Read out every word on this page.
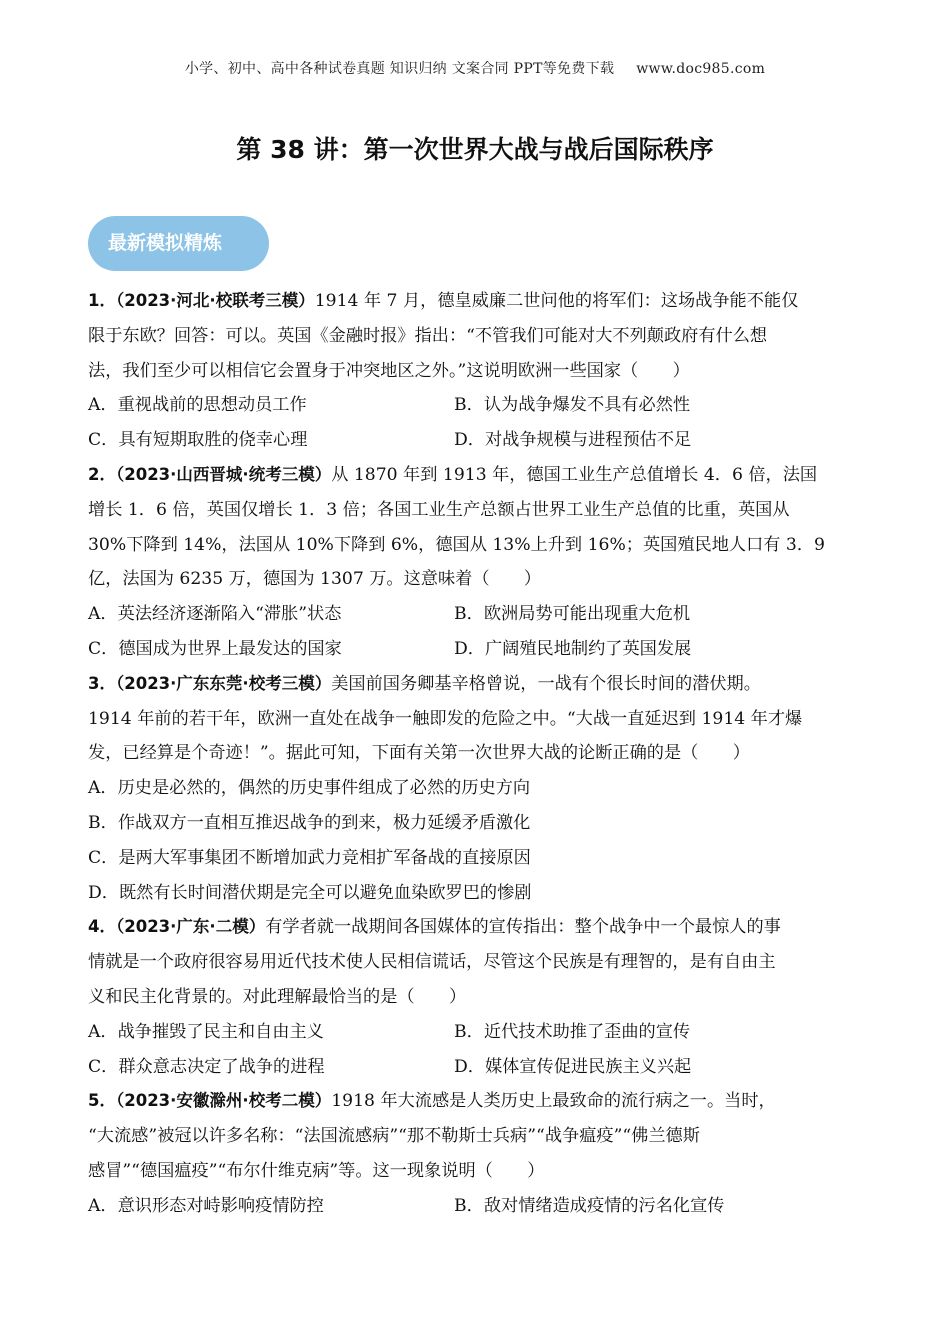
小学、初中、高中各种试卷真题 知识归纳 文案合同 PPT等免费下载 www.doc985.com
第 38 讲：第一次世界大战与战后国际秩序
最新模拟精炼
1．（2023·河北·校联考三模）1914 年 7 月，德皇威廉二世问他的将军们：这场战争能不能仅
限于东欧？回答：可以。英国《金融时报》指出：“不管我们可能对大不列颠政府有什么想
法，我们至少可以相信它会置身于冲突地区之外。”这说明欧洲一些国家（　　）
A．重视战前的思想动员工作	B．认为战争爆发不具有必然性
C．具有短期取胜的侥幸心理	D．对战争规模与进程预估不足
2．（2023·山西晋城·统考三模）从 1870 年到 1913 年，德国工业生产总值增长 4．6 倍，法国
增长 1．6 倍，英国仅增长 1．3 倍；各国工业生产总额占世界工业生产总值的比重，英国从
30%下降到 14%，法国从 10%下降到 6%，德国从 13%上升到 16%；英国殖民地人口有 3．9
亿，法国为 6235 万，德国为 1307 万。这意味着（　　）
A．英法经济逐渐陷入“滞胀”状态	B．欧洲局势可能出现重大危机
C．德国成为世界上最发达的国家	D．广阔殖民地制约了英国发展
3．（2023·广东东莞·校考三模）美国前国务卿基辛格曾说，一战有个很长时间的潜伏期。
1914 年前的若干年，欧洲一直处在战争一触即发的危险之中。“大战一直延迟到 1914 年才爆
发，已经算是个奇迹！”。据此可知，下面有关第一次世界大战的论断正确的是（　　）
A．历史是必然的，偶然的历史事件组成了必然的历史方向
B．作战双方一直相互推迟战争的到来，极力延缓矛盾激化
C．是两大军事集团不断增加武力竞相扩军备战的直接原因
D．既然有长时间潜伏期是完全可以避免血染欧罗巴的惨剧
4．（2023·广东·二模）有学者就一战期间各国媒体的宣传指出：整个战争中一个最惊人的事
情就是一个政府很容易用近代技术使人民相信谎话，尽管这个民族是有理智的，是有自由主
义和民主化背景的。对此理解最恰当的是（　　）
A．战争摧毁了民主和自由主义	B．近代技术助推了歪曲的宣传
C．群众意志决定了战争的进程	D．媒体宣传促进民族主义兴起
5．（2023·安徽滁州·校考二模）1918 年大流感是人类历史上最致命的流行病之一。当时，
“大流感”被冠以许多名称：“法国流感病”“那不勒斯士兵病”“战争瘟疫”“佛兰德斯
感冒”“德国瘟疫”“布尔什维克病”等。这一现象说明（　　）
A．意识形态对峙影响疫情防控	B．敌对情绪造成疫情的污名化宣传
